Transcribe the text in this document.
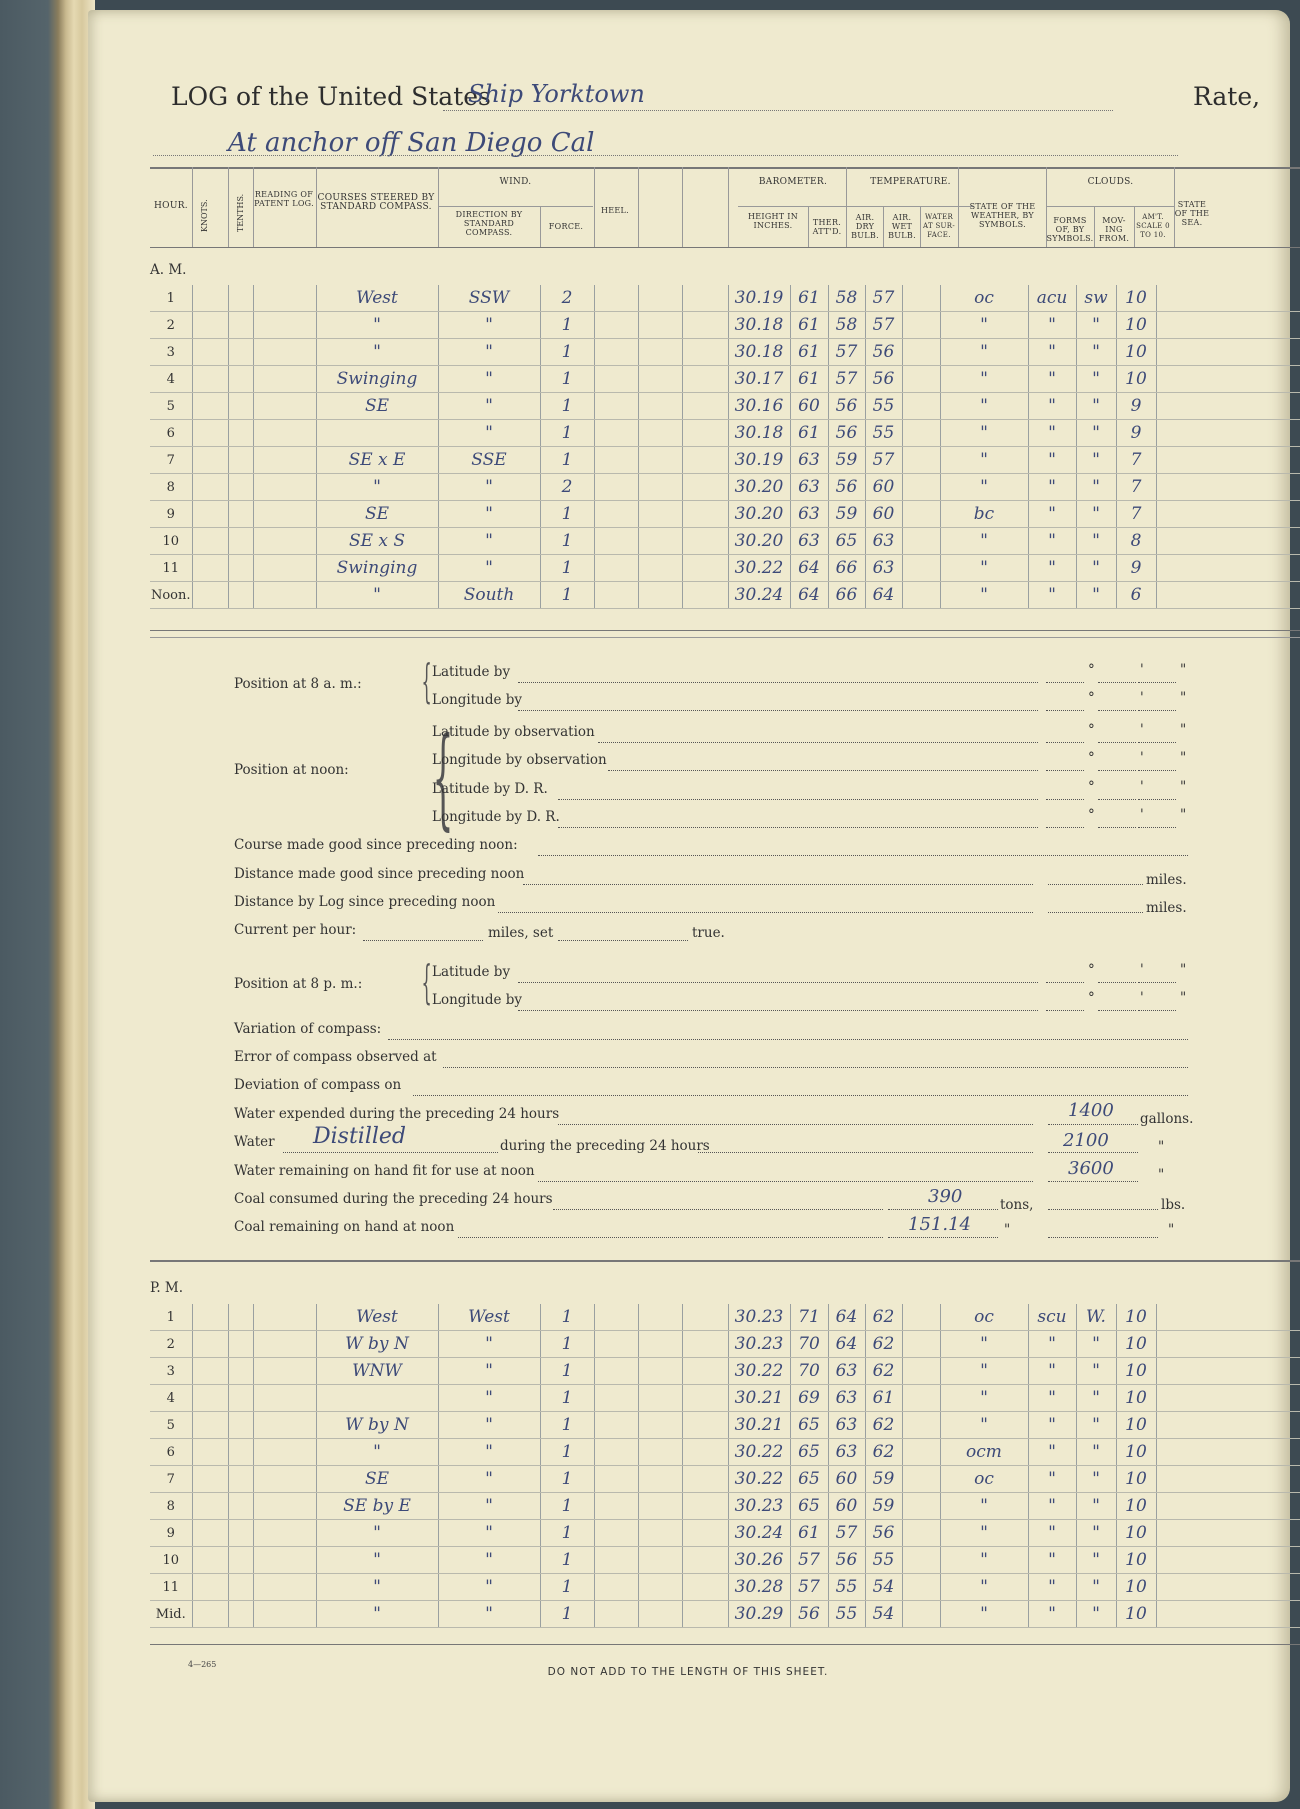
LOG of the United States
Ship Yorktown	Rate,
At anchor off San Diego Cal
HOUR.	KNOTS.	TENTHS. READING OF PATENT LOG.
COURSES STEERED BY STANDARD COMPASS.
WIND.
DIRECTION BY STANDARD COMPASS.
FORCE.
HEEL.
BAROMETER.
HEIGHT IN INCHES.	THER. ATT'D.
TEMPERATURE.
AIR. DRY BULB.
AIR. WET BULB.
WATER AT SUR-FACE.
STATE OF THE WEATHER, BY SYMBOLS.
CLOUDS.
FORMS OF, BY SYMBOLS.
MOV-ING FROM.
AM'T. SCALE 0 TO 10.
STATE OF THE SEA.
A. M.
1				West	SSW	2				30.19	61	58	57		oc	acu	sw	10	
2				"	"	1				30.18	61	58	57		"	"	"	10	
3				"	"	1				30.18	61	57	56		"	"	"	10	
4				Swinging	"	1				30.17	61	57	56		"	"	"	10	
5				SE	"	1				30.16	60	56	55		"	"	"	9	
6					"	1				30.18	61	56	55		"	"	"	9	
7				SE x E	SSE	1				30.19	63	59	57		"	"	"	7	
8				"	"	2				30.20	63	56	60		"	"	"	7	
9				SE	"	1				30.20	63	59	60		bc	"	"	7	
10				SE x S	"	1				30.20	63	65	63		"	"	"	8	
11				Swinging	"	1				30.22	64	66	63		"	"	"	9	
Noon.				"	South	1				30.24	64	66	64		"	"	"	6	
Position at 8 a. m.: { Latitude by
Longitude by
Position at noon: {
Latitude by observation
Longitude by observation
Latitude by D. R.
Longitude by D. R.
°	'	"
°	'	"
°	'	"
°	'	"
°	'	"
°	'	"
°	'	"
°	'	"
Course made good since preceding noon:
Distance made good since preceding noon	miles.
Distance by Log since preceding noon	miles.
Current per hour:	miles, set	true.
Position at 8 p. m.: { Latitude by
Longitude by
Variation of compass:
Error of compass observed at
Deviation of compass on
Water expended during the preceding 24 hours	1400 gallons.
Water Distilled	during the preceding 24 hours	2100	"
Water remaining on hand fit for use at noon	3600	"
Coal consumed during the preceding 24 hours	390	tons,	lbs.
Coal remaining on hand at noon	151.14 "	"
P. M.
1				West	West	1				30.23	71	64	62		oc	scu	W.	10	
2				W by N	"	1				30.23	70	64	62		"	"	"	10	
3				WNW	"	1				30.22	70	63	62		"	"	"	10	
4					"	1				30.21	69	63	61		"	"	"	10	
5				W by N	"	1				30.21	65	63	62		"	"	"	10	
6				"	"	1				30.22	65	63	62		ocm	"	"	10	
7				SE	"	1				30.22	65	60	59		oc	"	"	10	
8				SE by E	"	1				30.23	65	60	59		"	"	"	10	
9				"	"	1				30.24	61	57	56		"	"	"	10	
10				"	"	1				30.26	57	56	55		"	"	"	10	
11				"	"	1				30.28	57	55	54		"	"	"	10	
Mid.				"	"	1				30.29	56	55	54		"	"	"	10	
4—265
DO NOT ADD TO THE LENGTH OF THIS SHEET.
